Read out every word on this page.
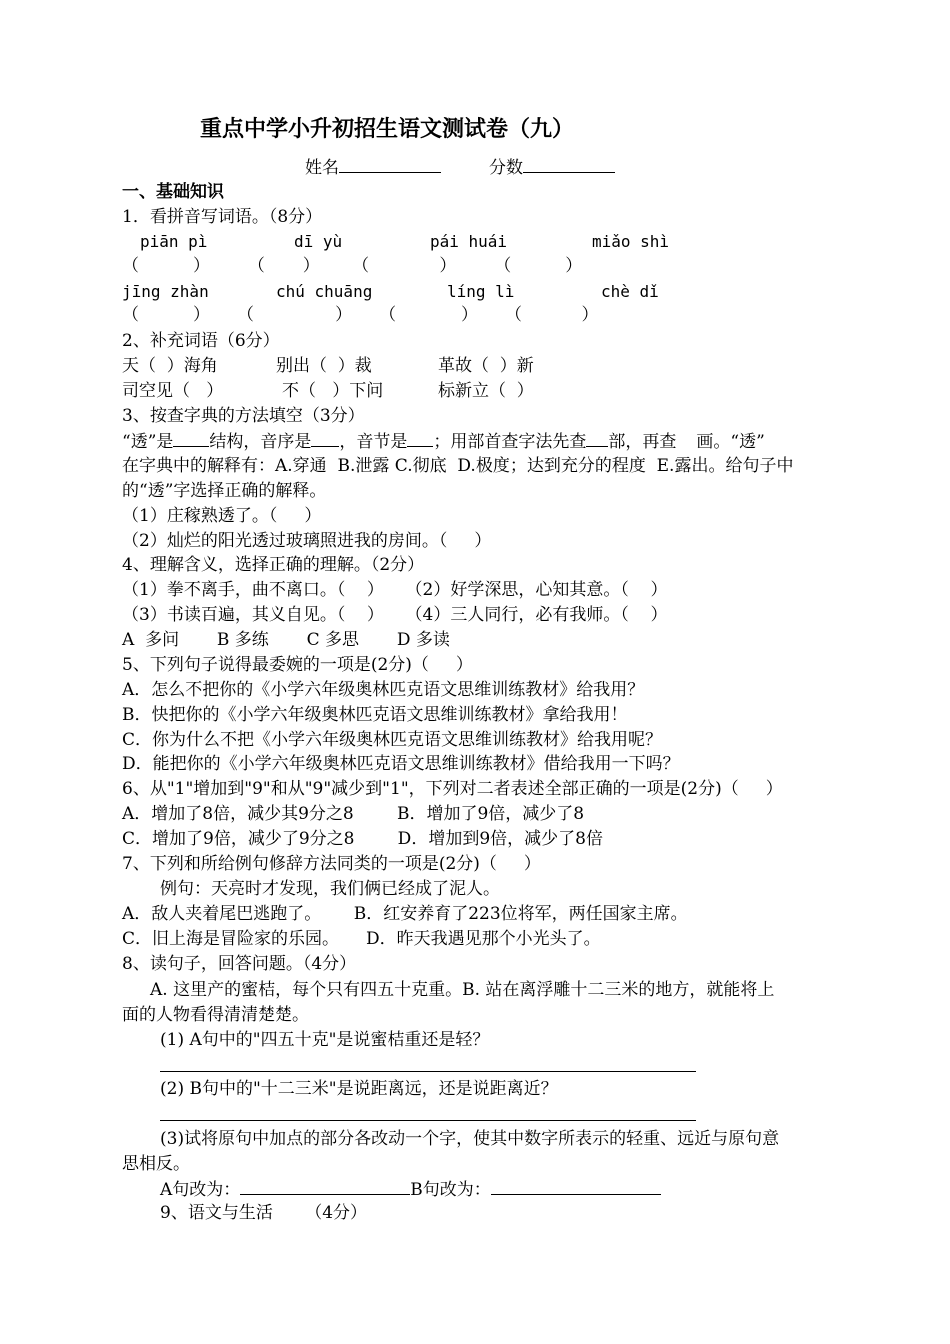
重点中学小升初招生语文测试卷（九）
姓名	分数
一、基础知识
1．看拼音写词语。（8分）
piān pì	dī yù	pái huái	miǎo shì
（          ）       （       ）      （             ）       （          ）
jīng zhàn	chú chuāng	líng lì	chè dǐ
（          ）     （               ）     （            ）     （           ）
2、补充词语（6分）
天（  ）海角	别出（  ）裁	革故（  ）新
司空见（   ）	不（   ）下问	标新立（  ）
3、按查字典的方法填空（3分）
“透”是 结构，音序是 ，音节是 ；用部首查字法先查 部，再查 画。“透”
在字典中的解释有：A.穿通  B.泄露 C.彻底  D.极度；达到充分的程度  E.露出。给句子中
的“透”字选择正确的解释。
（1）庄稼熟透了。（     ）
（2）灿烂的阳光透过玻璃照进我的房间。（     ）
4、理解含义，选择正确的理解。（2分）
（1）拳不离手，曲不离口。（    ）    （2）好学深思，心知其意。（    ）
（3）书读百遍，其义自见。（    ）    （4）三人同行，必有我师。（    ）
A  多问       B 多练       C 多思       D 多读
5、下列句子说得最委婉的一项是(2分)（     ）
A．怎么不把你的《小学六年级奥林匹克语文思维训练教材》给我用？
B．快把你的《小学六年级奥林匹克语文思维训练教材》拿给我用！
C．你为什么不把《小学六年级奥林匹克语文思维训练教材》给我用呢？
D．能把你的《小学六年级奥林匹克语文思维训练教材》借给我用一下吗？
6、从"1"增加到"9"和从"9"减少到"1"，下列对二者表述全部正确的一项是(2分)（     ）
A．增加了8倍，减少其9分之8        B．增加了9倍，减少了8
C．增加了9倍，减少了9分之8        D．增加到9倍，减少了8倍
7、下列和所给例句修辞方法同类的一项是(2分)（     ）
例句：天亮时才发现，我们俩已经成了泥人。
A．敌人夹着尾巴逃跑了。      B．红安养育了223位将军，两任国家主席。
C．旧上海是冒险家的乐园。     D．昨天我遇见那个小光头了。
8、读句子，回答问题。（4分）
A. 这里产的蜜桔，每个只有四五十克重。B. 站在离浮雕十二三米的地方，就能将上
面的人物看得清清楚楚。
(1) A句中的"四五十克"是说蜜桔重还是轻？
(2) B句中的"十二三米"是说距离远，还是说距离近？
(3)试将原句中加点的部分各改动一个字，使其中数字所表示的轻重、远近与原句意
思相反。
A句改为：	B句改为：
9、语文与生活      （4分）
